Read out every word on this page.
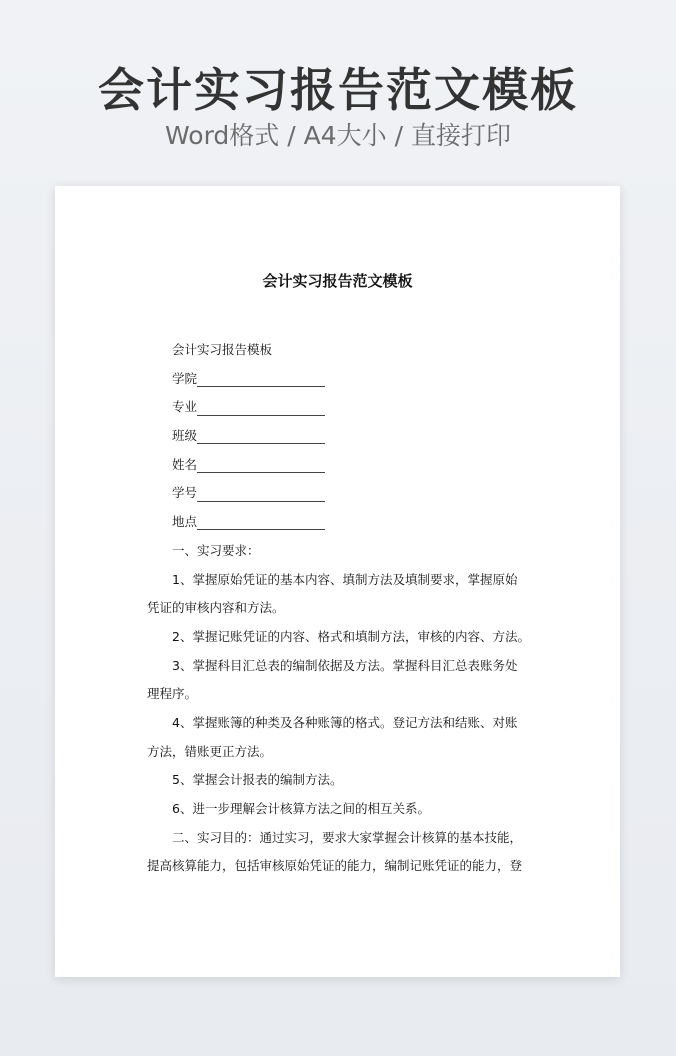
会计实习报告范文模板
Word格式 / A4大小 / 直接打印
会计实习报告范文模板
会计实习报告模板
学院
专业
班级
姓名
学号
地点
一、实习要求：
1、掌握原始凭证的基本内容、填制方法及填制要求，掌握原始
凭证的审核内容和方法。
2、掌握记账凭证的内容、格式和填制方法，审核的内容、方法。
3、掌握科目汇总表的编制依据及方法。掌握科目汇总表账务处
理程序。
4、掌握账簿的种类及各种账簿的格式。登记方法和结账、对账
方法，错账更正方法。
5、掌握会计报表的编制方法。
6、进一步理解会计核算方法之间的相互关系。
二、实习目的：通过实习，要求大家掌握会计核算的基本技能，
提高核算能力，包括审核原始凭证的能力，编制记账凭证的能力，登
